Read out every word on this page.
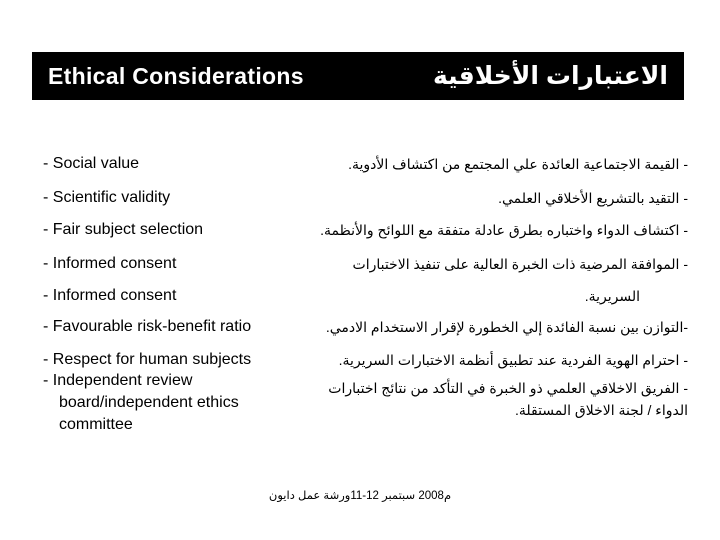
Ethical Considerations	الاعتبارات الأخلاقية
- Social value
- Scientific validity
- Fair subject selection
- Informed consent
- Informed consent
- Favourable risk-benefit ratio
- Respect for human subjects
- Independent review
board/independent ethics
committee
- القيمة الاجتماعية العائدة علي المجتمع من اكتشاف الأدوية.
- التقيد بالتشريع الأخلاقي العلمي.
- اكتشاف الدواء واختباره بطرق عادلة متفقة مع اللوائح والأنظمة.
- الموافقة المرضية ذات الخبرة العالية على تنفيذ الاختبارات
السريرية.
-التوازن بين نسبة الفائدة إلي الخطورة لإقرار الاستخدام الادمي.
- احترام الهوية الفردية عند تطبيق أنظمة الاختبارات السريرية.
- الفريق الاخلاقي العلمي ذو الخبرة في التأكد من نتائج اختبارات
الدواء / لجنة الاخلاق المستقلة.
م2008 سبتمبر 12-11ورشة عمل دايون
